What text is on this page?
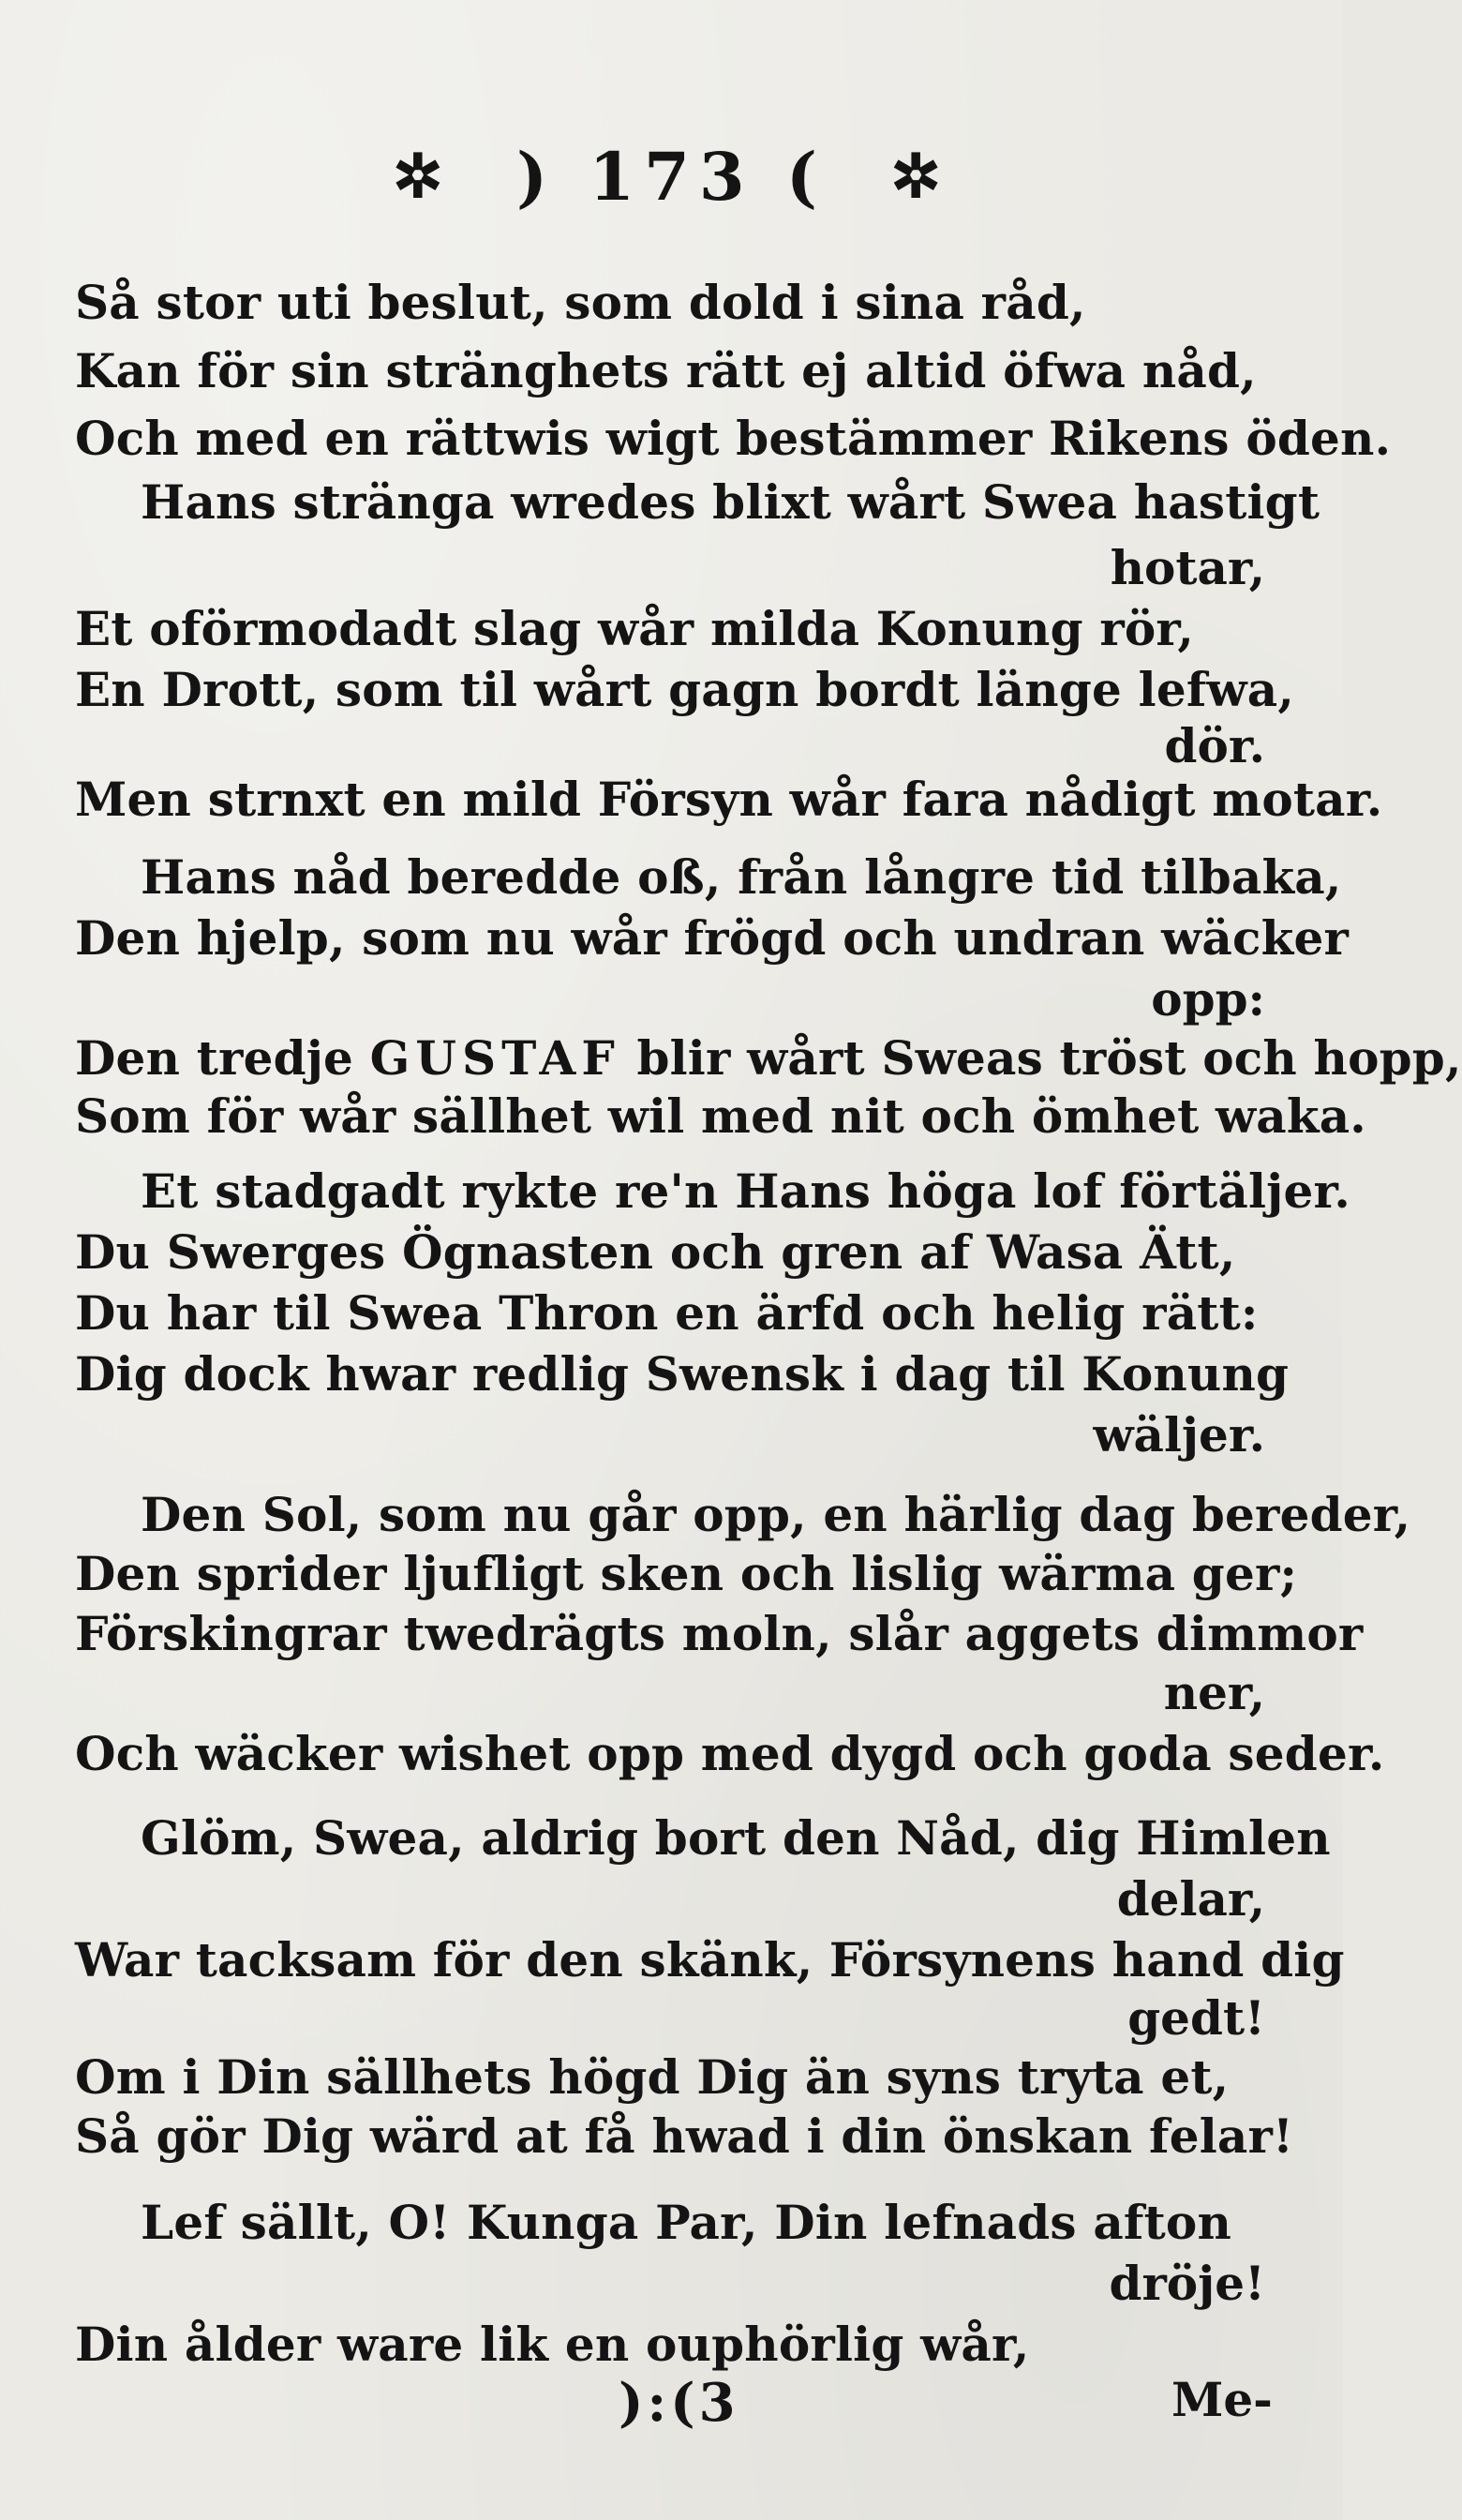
✲ ) 173 ( ✲
Så stor uti beslut, som dold i sina råd,
Kan för sin stränghets rätt ej altid öfwa nåd,
Och med en rättwis wigt bestämmer Rikens öden.
Hans stränga wredes blixt wårt Swea hastigt
hotar,
Et oförmodadt slag wår milda Konung rör,
En Drott, som til wårt gagn bordt länge lefwa,
dör.
Men strnxt en mild Försyn wår fara nådigt motar.
Hans nåd beredde oß, från långre tid tilbaka,
Den hjelp, som nu wår frögd och undran wäcker
opp:
Den tredje GUSTAF blir wårt Sweas tröst och hopp,
Som för wår sällhet wil med nit och ömhet waka.
Et stadgadt rykte re'n Hans höga lof förtäljer.
Du Swerges Ögnasten och gren af Wasa Ätt,
Du har til Swea Thron en ärfd och helig rätt:
Dig dock hwar redlig Swensk i dag til Konung
wäljer.
Den Sol, som nu går opp, en härlig dag bereder,
Den sprider ljufligt sken och lislig wärma ger;
Förskingrar twedrägts moln, slår aggets dimmor
ner,
Och wäcker wishet opp med dygd och goda seder.
Glöm, Swea, aldrig bort den Nåd, dig Himlen
delar,
War tacksam för den skänk, Försynens hand dig
gedt!
Om i Din sällhets högd Dig än syns tryta et,
Så gör Dig wärd at få hwad i din önskan felar!
Lef sällt, O! Kunga Par, Din lefnads afton
dröje!
Din ålder ware lik en ouphörlig wår,
):(3	Me-
